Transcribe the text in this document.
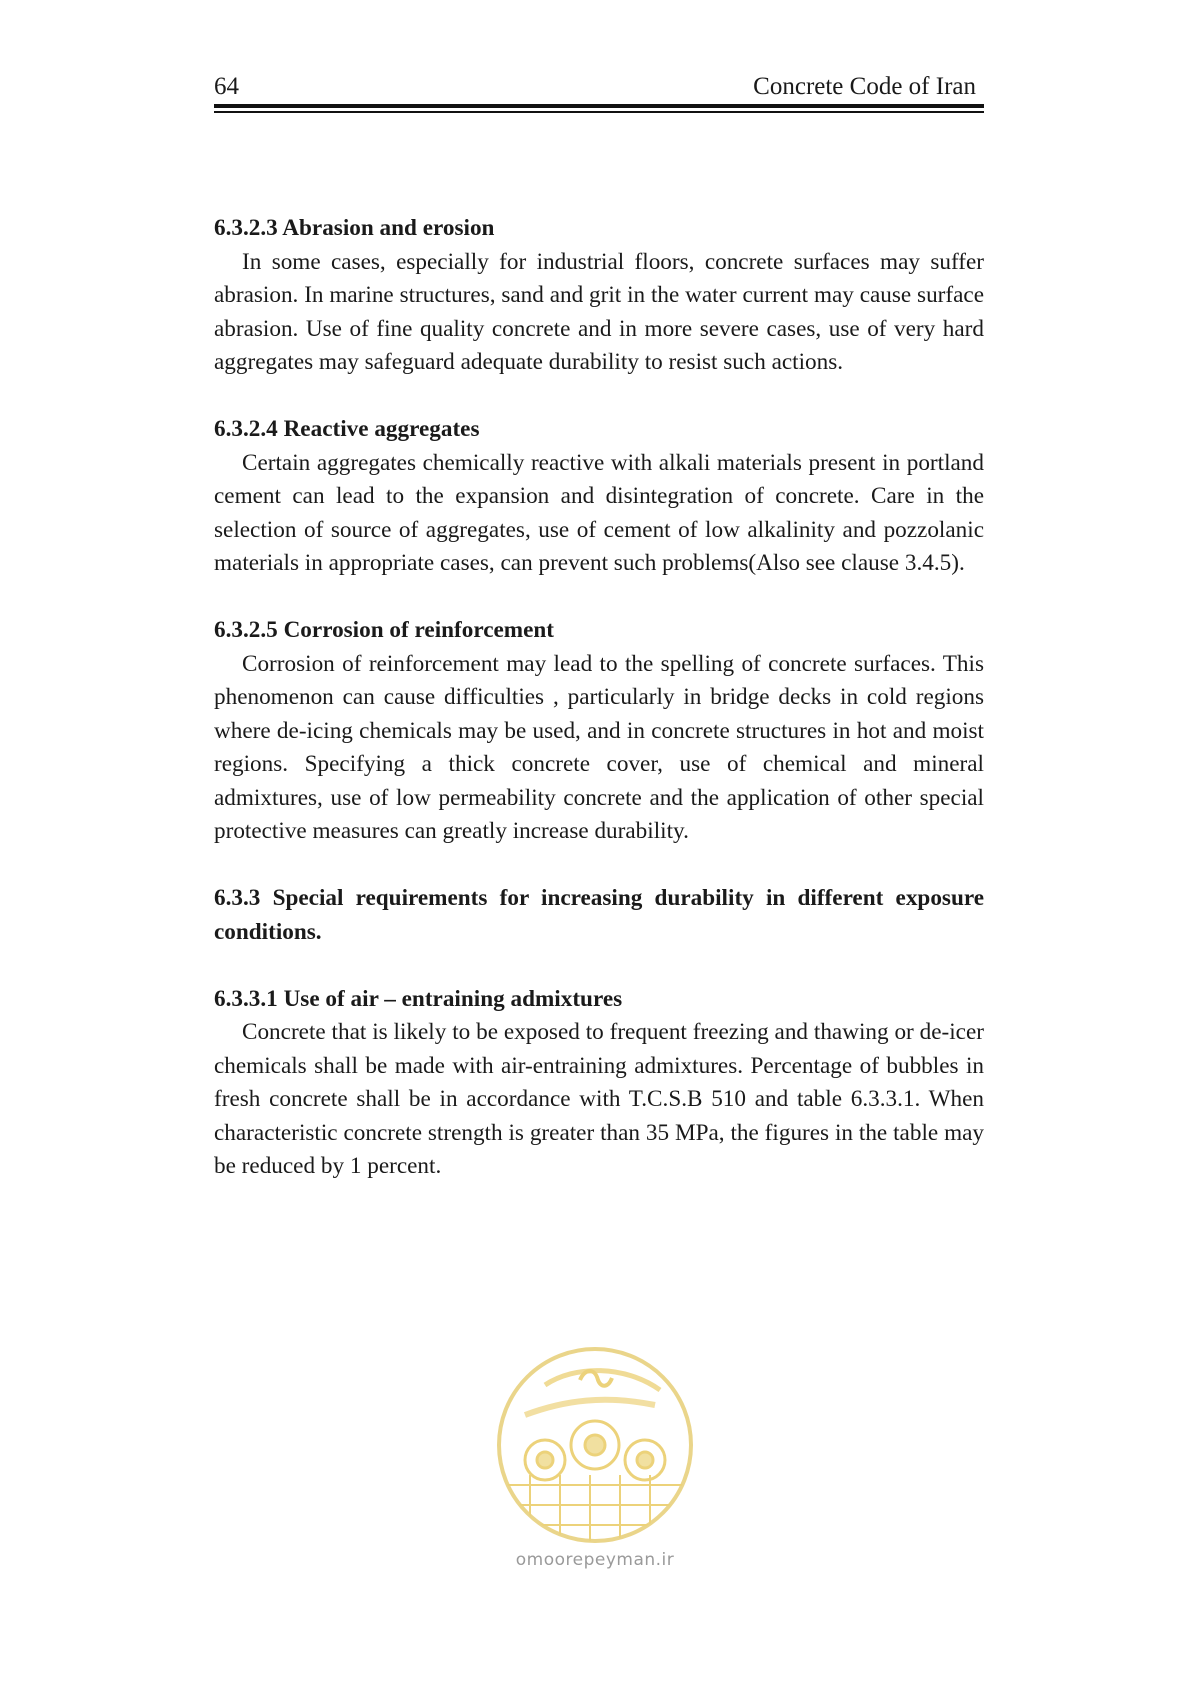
64	Concrete Code of Iran

6.3.2.3 Abrasion and erosion

In some cases, especially for industrial floors, concrete surfaces may suffer abrasion. In marine structures, sand and grit in the water current may cause surface abrasion. Use of fine quality concrete and in more severe cases, use of very hard aggregates may safeguard adequate durability to resist such actions.

6.3.2.4 Reactive aggregates

Certain aggregates chemically reactive with alkali materials present in portland cement can lead to the expansion and disintegration of concrete. Care in the selection of source of aggregates, use of cement of low alkalinity and pozzolanic materials in appropriate cases, can prevent such problems(Also see clause 3.4.5).

6.3.2.5 Corrosion of reinforcement

Corrosion of reinforcement may lead to the spelling of concrete surfaces. This phenomenon can cause difficulties , particularly in bridge decks in cold regions where de-icing chemicals may be used, and in concrete structures in hot and moist regions. Specifying a thick concrete cover, use of chemical and mineral admixtures, use of low permeability concrete and the application of other special protective measures can greatly increase durability.

6.3.3 Special requirements for increasing durability in different exposure conditions.

6.3.3.1 Use of air – entraining admixtures

Concrete that is likely to be exposed to frequent freezing and thawing or de-icer chemicals shall be made with air-entraining admixtures. Percentage of bubbles in fresh concrete shall be in accordance with T.C.S.B 510 and table 6.3.3.1. When characteristic concrete strength is greater than 35 MPa, the figures in the table may be reduced by 1 percent.

omoorepeyman.ir
